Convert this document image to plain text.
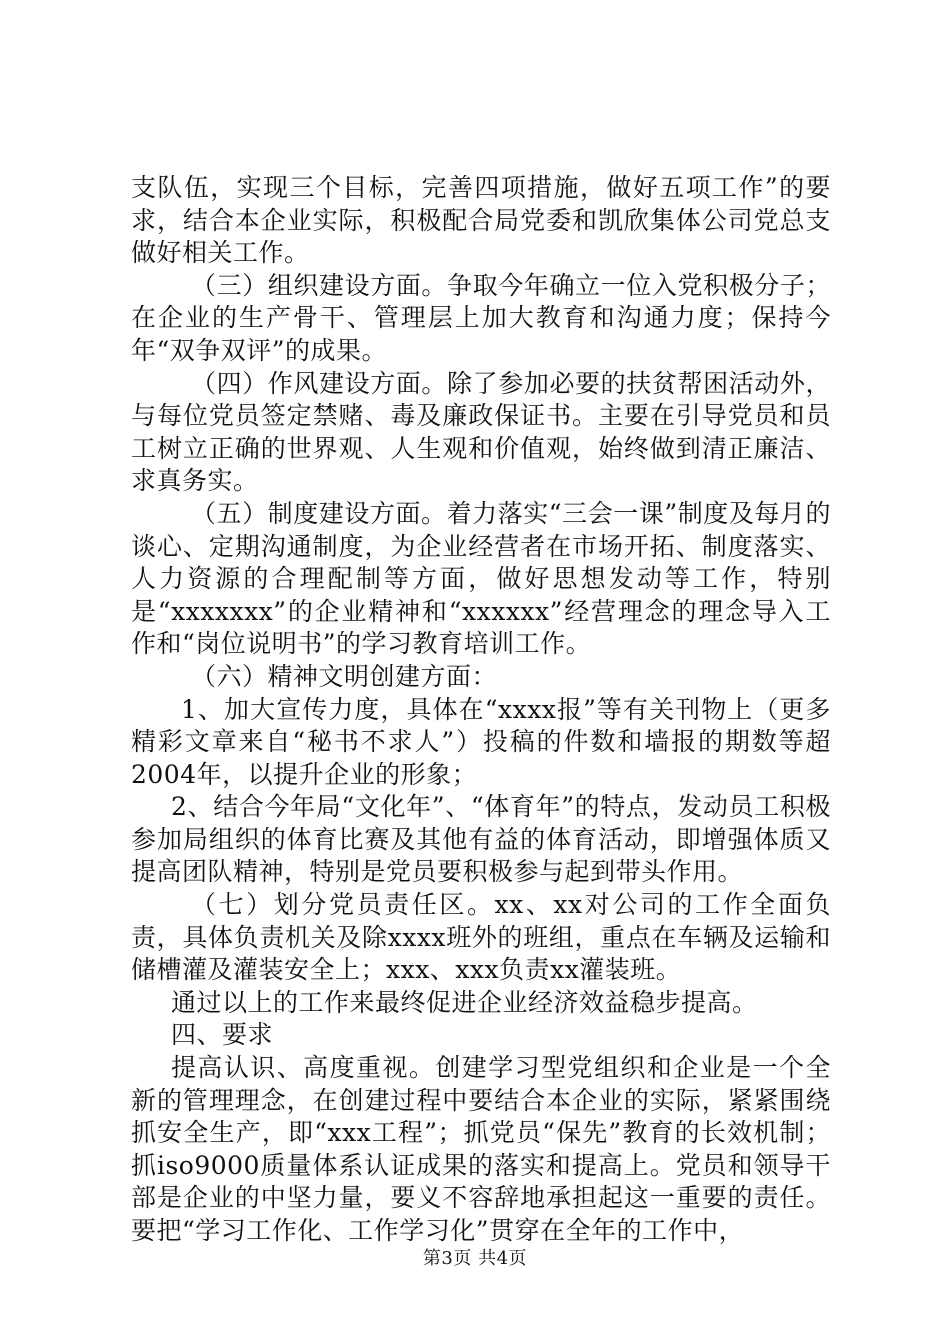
支队伍，实现三个目标，完善四项措施，做好五项工作”的要求，结合本企业实际，积极配合局党委和凯欣集体公司党总支做好相关工作。

（三）组织建设方面。争取今年确立一位入党积极分子；在企业的生产骨干、管理层上加大教育和沟通力度；保持今年“双争双评”的成果。

（四）作风建设方面。除了参加必要的扶贫帮困活动外，与每位党员签定禁赌、毒及廉政保证书。主要在引导党员和员工树立正确的世界观、人生观和价值观，始终做到清正廉洁、求真务实。

（五）制度建设方面。着力落实“三会一课”制度及每月的谈心、定期沟通制度，为企业经营者在市场开拓、制度落实、人力资源的合理配制等方面，做好思想发动等工作，特别是“xxxxxxx”的企业精神和“xxxxxx”经营理念的理念导入工作和“岗位说明书”的学习教育培训工作。

（六）精神文明创建方面：

1、加大宣传力度，具体在“xxxx报”等有关刊物上（更多精彩文章来自“秘书不求人”）投稿的件数和墙报的期数等超2004年，以提升企业的形象；

2、结合今年局“文化年”、“体育年”的特点，发动员工积极参加局组织的体育比赛及其他有益的体育活动，即增强体质又提高团队精神，特别是党员要积极参与起到带头作用。

（七）划分党员责任区。xx、xx对公司的工作全面负责，具体负责机关及除xxxx班外的班组，重点在车辆及运输和储槽灌及灌装安全上；xxx、xxx负责xx灌装班。

通过以上的工作来最终促进企业经济效益稳步提高。

四、要求

提高认识、高度重视。创建学习型党组织和企业是一个全新的管理理念，在创建过程中要结合本企业的实际，紧紧围绕抓安全生产，即“xxx工程”；抓党员“保先”教育的长效机制；抓iso9000质量体系认证成果的落实和提高上。党员和领导干部是企业的中坚力量，要义不容辞地承担起这一重要的责任。要把“学习工作化、工作学习化”贯穿在全年的工作中，

第3页 共4页
